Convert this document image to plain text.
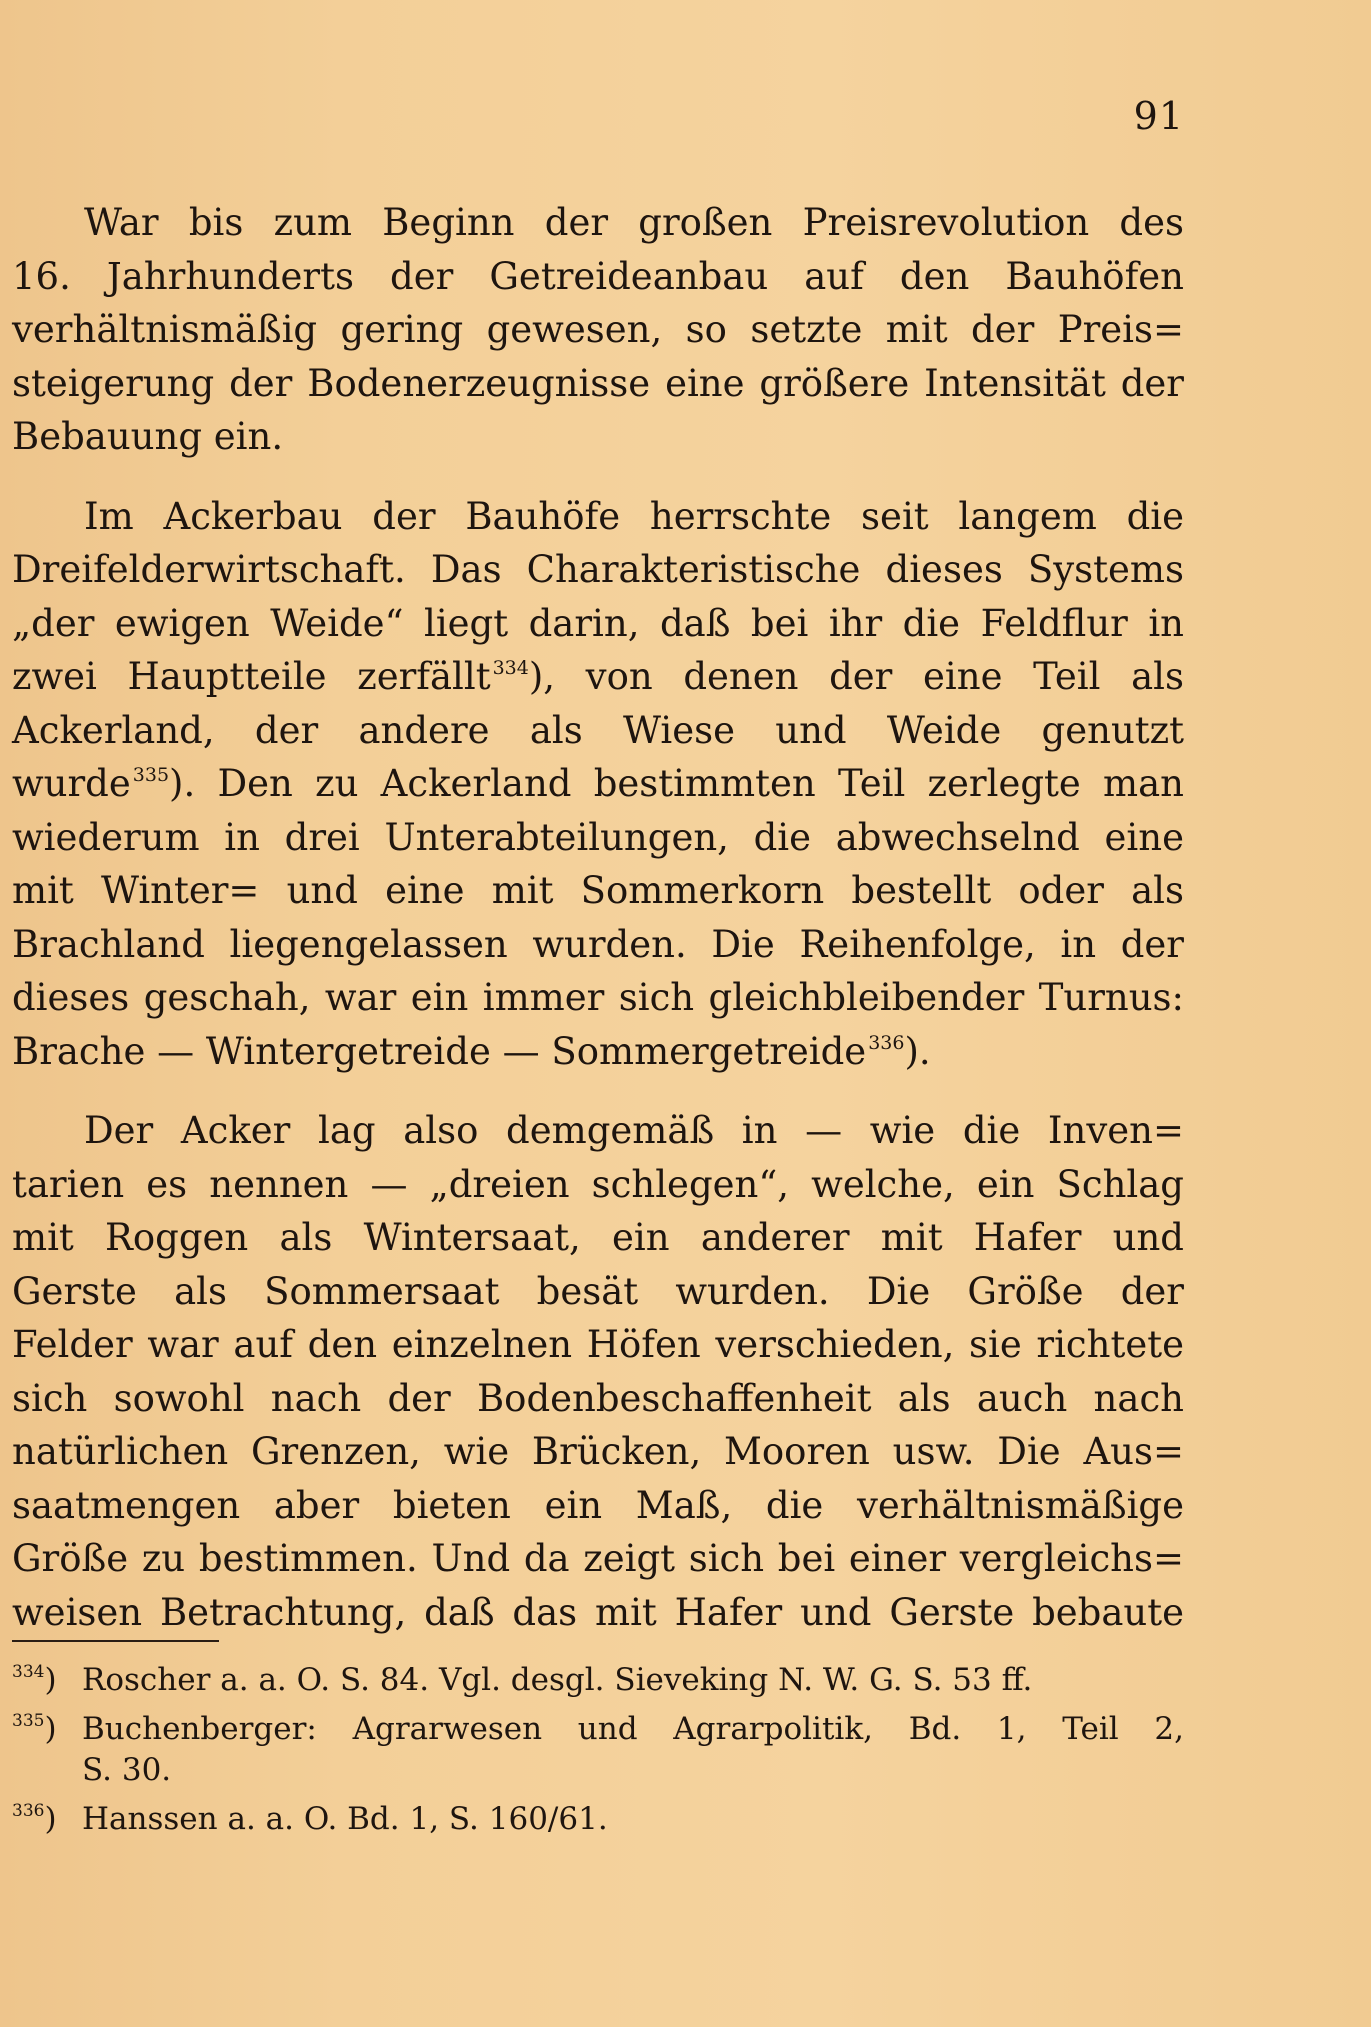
91

War bis zum Beginn der großen Preisrevolution des
16. Jahrhunderts der Getreideanbau auf den Bauhöfen
verhältnismäßig gering gewesen, so setzte mit der Preis=
steigerung der Bodenerzeugnisse eine größere Intensität der
Bebauung ein.

Im Ackerbau der Bauhöfe herrschte seit langem die
Dreifelderwirtschaft. Das Charakteristische dieses Systems
„der ewigen Weide“ liegt darin, daß bei ihr die Feldflur in
zwei Hauptteile zerfällt $^{334}$), von denen der eine Teil als
Ackerland, der andere als Wiese und Weide genutzt
wurde $^{335}$). Den zu Ackerland bestimmten Teil zerlegte man
wiederum in drei Unterabteilungen, die abwechselnd eine
mit Winter= und eine mit Sommerkorn bestellt oder als
Brachland liegengelassen wurden. Die Reihenfolge, in der
dieses geschah, war ein immer sich gleichbleibender Turnus:
Brache — Wintergetreide — Sommergetreide $^{336}$).

Der Acker lag also demgemäß in — wie die Inven=
tarien es nennen — „dreien schlegen“, welche, ein Schlag
mit Roggen als Wintersaat, ein anderer mit Hafer und
Gerste als Sommersaat besät wurden. Die Größe der
Felder war auf den einzelnen Höfen verschieden, sie richtete
sich sowohl nach der Bodenbeschaffenheit als auch nach
natürlichen Grenzen, wie Brücken, Mooren usw. Die Aus=
saatmengen aber bieten ein Maß, die verhältnismäßige
Größe zu bestimmen. Und da zeigt sich bei einer vergleichs=
weisen Betrachtung, daß das mit Hafer und Gerste bebaute

$^{334}$) Roscher a. a. O. S. 84. Vgl. desgl. Sieveking N. W. G. S. 53 ff.
$^{335}$) Buchenberger: Agrarwesen und Agrarpolitik, Bd. 1, Teil 2,
S. 30.
$^{336}$) Hanssen a. a. O. Bd. 1, S. 160/61.
